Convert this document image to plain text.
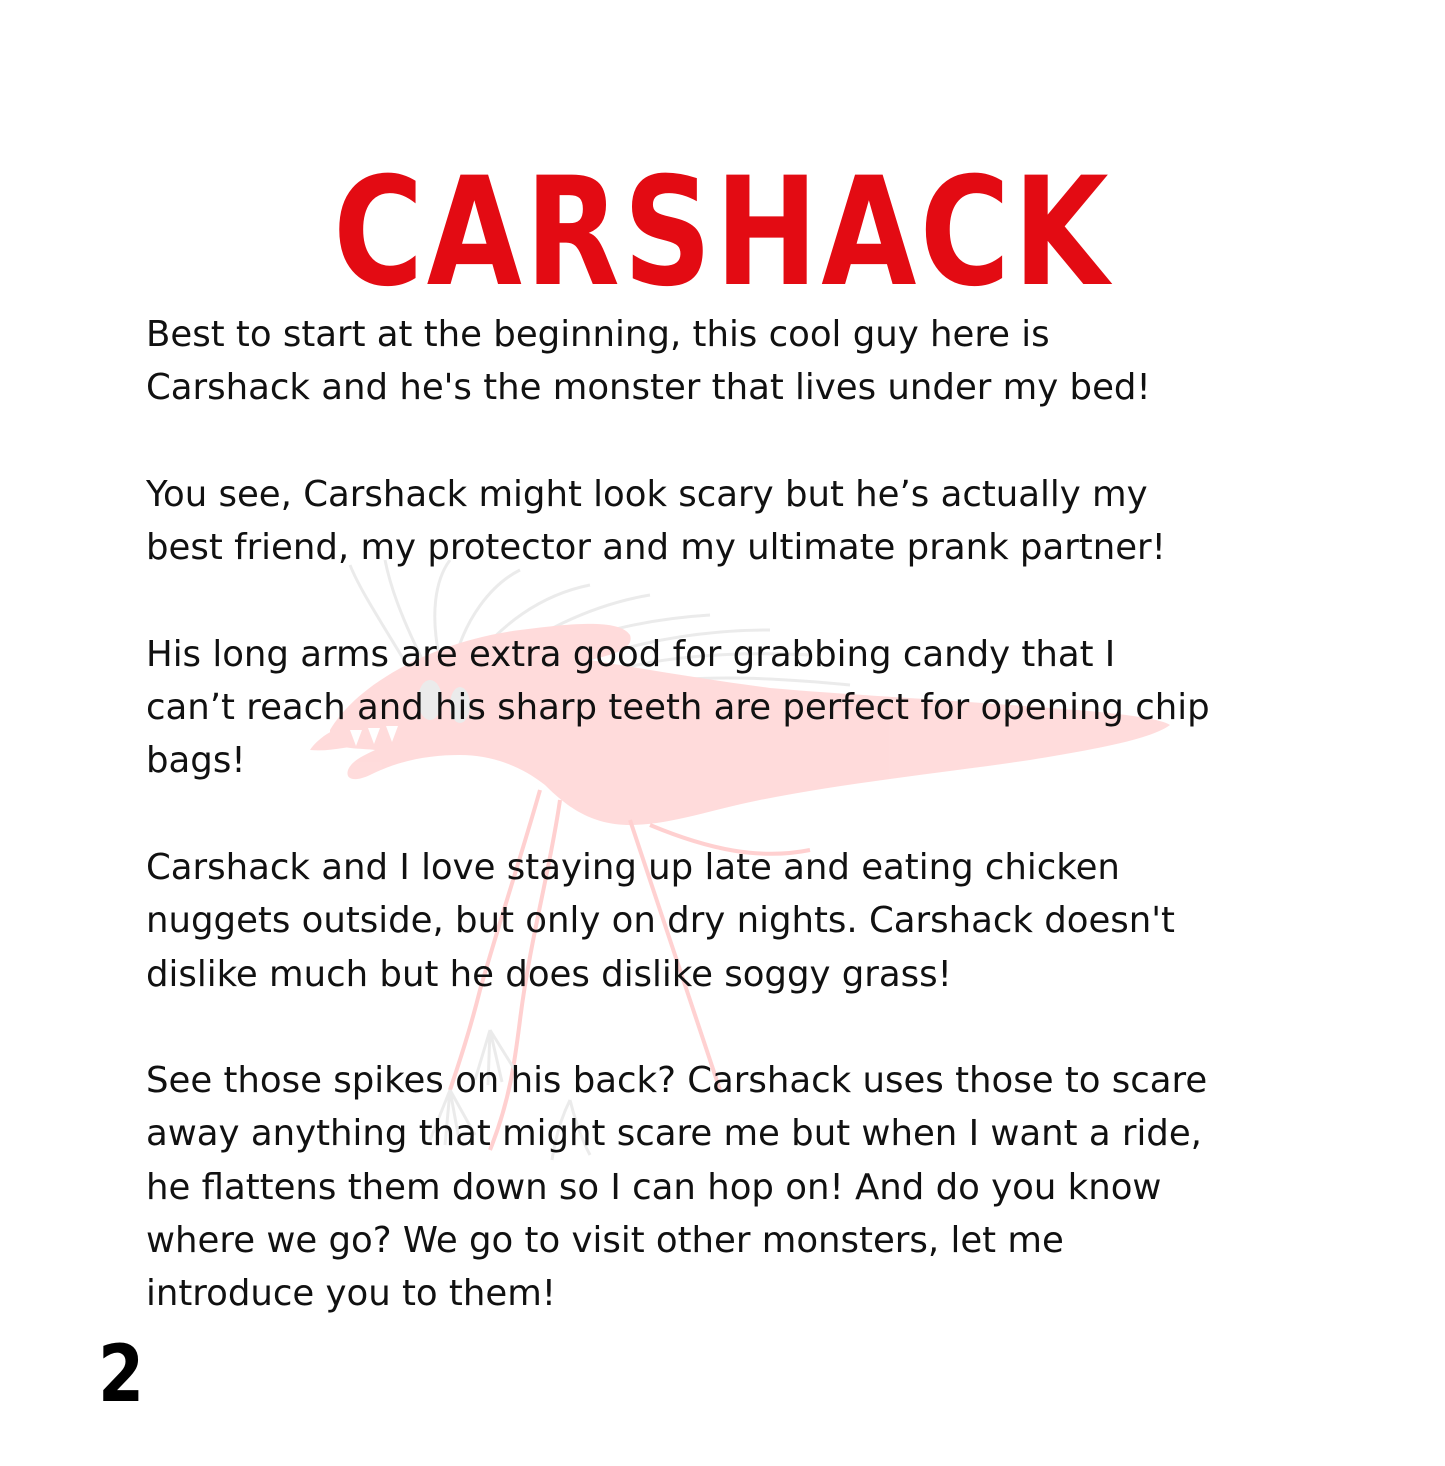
CARSHACK

Best to start at the beginning, this cool guy here is
Carshack and he's the monster that lives under my bed!

You see, Carshack might look scary but he’s actually my
best friend, my protector and my ultimate prank partner!

His long arms are extra good for grabbing candy that I
can’t reach and his sharp teeth are perfect for opening chip
bags!

Carshack and I love staying up late and eating chicken
nuggets outside, but only on dry nights. Carshack doesn't
dislike much but he does dislike soggy grass!

See those spikes on his back? Carshack uses those to scare
away anything that might scare me but when I want a ride,
he flattens them down so I can hop on! And do you know
where we go? We go to visit other monsters, let me
introduce you to them!

2
